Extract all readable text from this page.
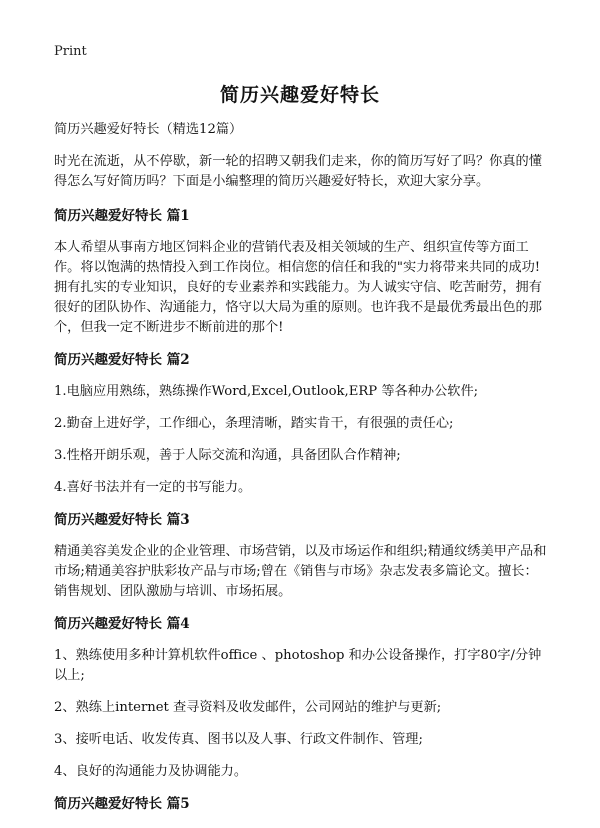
Print
简历兴趣爱好特长
简历兴趣爱好特长（精选12篇）
时光在流逝，从不停歇，新一轮的招聘又朝我们走来，你的简历写好了吗？你真的懂得怎么写好简历吗？下面是小编整理的简历兴趣爱好特长，欢迎大家分享。
简历兴趣爱好特长 篇1
本人希望从事南方地区饲料企业的营销代表及相关领域的生产、组织宣传等方面工作。将以饱满的热情投入到工作岗位。相信您的信任和我的"实力将带来共同的成功!拥有扎实的专业知识，良好的专业素养和实践能力。为人诚实守信、吃苦耐劳，拥有很好的团队协作、沟通能力，恪守以大局为重的原则。也许我不是最优秀最出色的那个，但我一定不断进步不断前进的那个!
简历兴趣爱好特长 篇2
1.电脑应用熟练，熟练操作Word,Excel,Outlook,ERP 等各种办公软件;
2.勤奋上进好学，工作细心，条理清晰，踏实肯干，有很强的责任心;
3.性格开朗乐观，善于人际交流和沟通，具备团队合作精神;
4.喜好书法并有一定的书写能力。
简历兴趣爱好特长 篇3
精通美容美发企业的企业管理、市场营销，以及市场运作和组织;精通纹绣美甲产品和市场;精通美容护肤彩妆产品与市场;曾在《销售与市场》杂志发表多篇论文。擅长：销售规划、团队激励与培训、市场拓展。
简历兴趣爱好特长 篇4
1、熟练使用多种计算机软件office 、photoshop 和办公设备操作，打字80字/分钟以上;
2、熟练上internet 查寻资料及收发邮件，公司网站的维护与更新;
3、接听电话、收发传真、图书以及人事、行政文件制作、管理;
4、良好的沟通能力及协调能力。
简历兴趣爱好特长 篇5
